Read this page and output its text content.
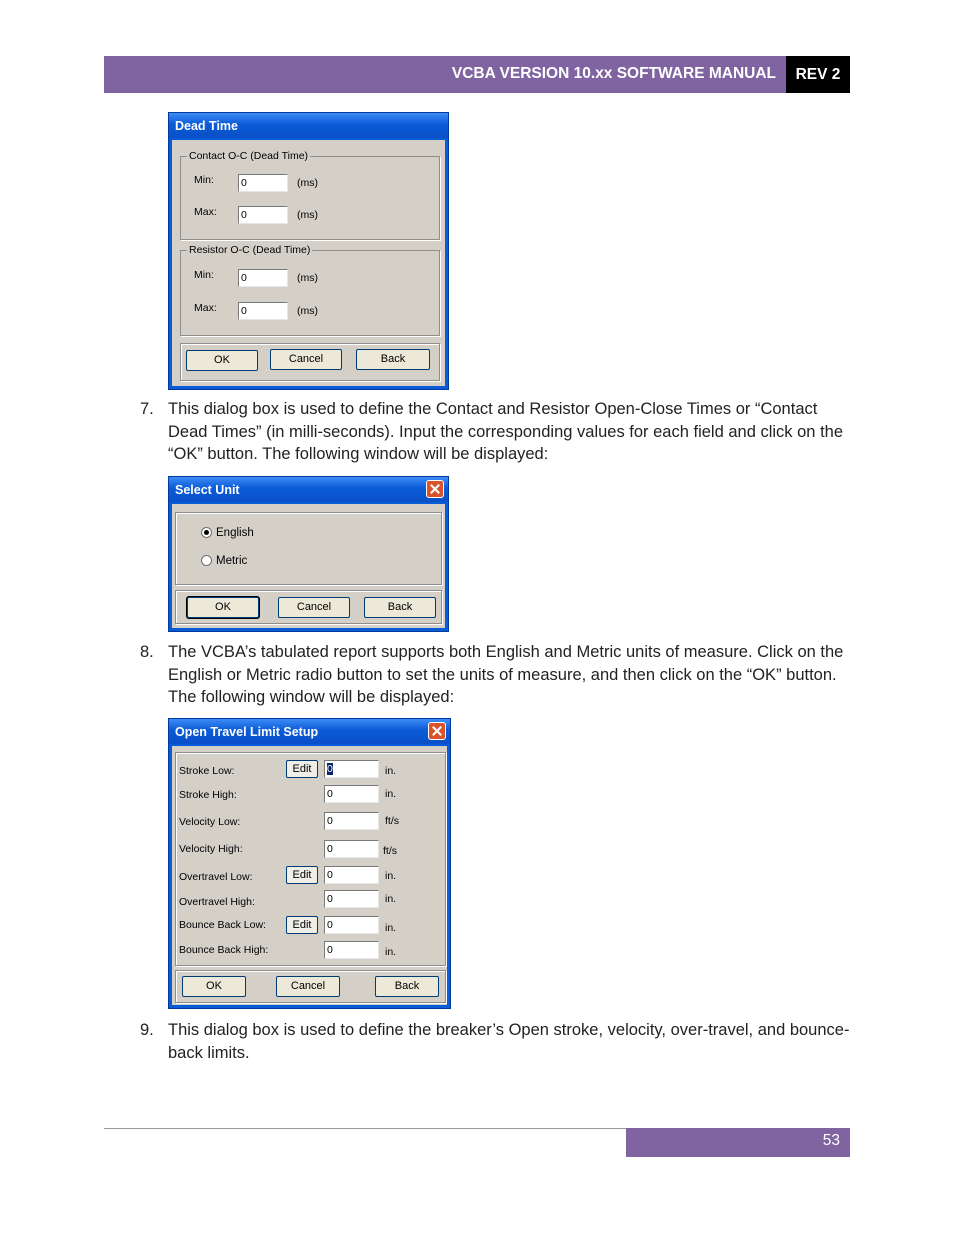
VCBA VERSION 10.xx SOFTWARE MANUAL	REV 2
Dead Time
Contact O-C (Dead Time)
Min:	0	(ms)
Max: 0	(ms)
Resistor O-C (Dead Time)
Min:	0	(ms)
Max: 0	(ms)
OK	Cancel	Back
7. This dialog box is used to define the Contact and Resistor Open-Close Times or “Contact Dead Times” (in milli-seconds). Input the corresponding values for each field and click on the “OK” button. The following window will be displayed:
Select Unit
English
Metric
OK	Cancel	Back
8. The VCBA’s tabulated report supports both English and Metric units of measure. Click on the English or Metric radio button to set the units of measure, and then click on the “OK” button. The following window will be displayed:
Open Travel Limit Setup
Stroke Low:	Edit	0	in.
Stroke High:	0	in.
Velocity Low:	0	ft/s
Velocity High:	0	ft/s
Overtravel Low:	Edit	0	in.
Overtravel High:	0	in.
Bounce Back Low:	Edit	0	in.
Bounce Back High:	0	in.
OK	Cancel	Back
9. This dialog box is used to define the breaker’s Open stroke, velocity, over-travel, and bounce-back limits.
53
